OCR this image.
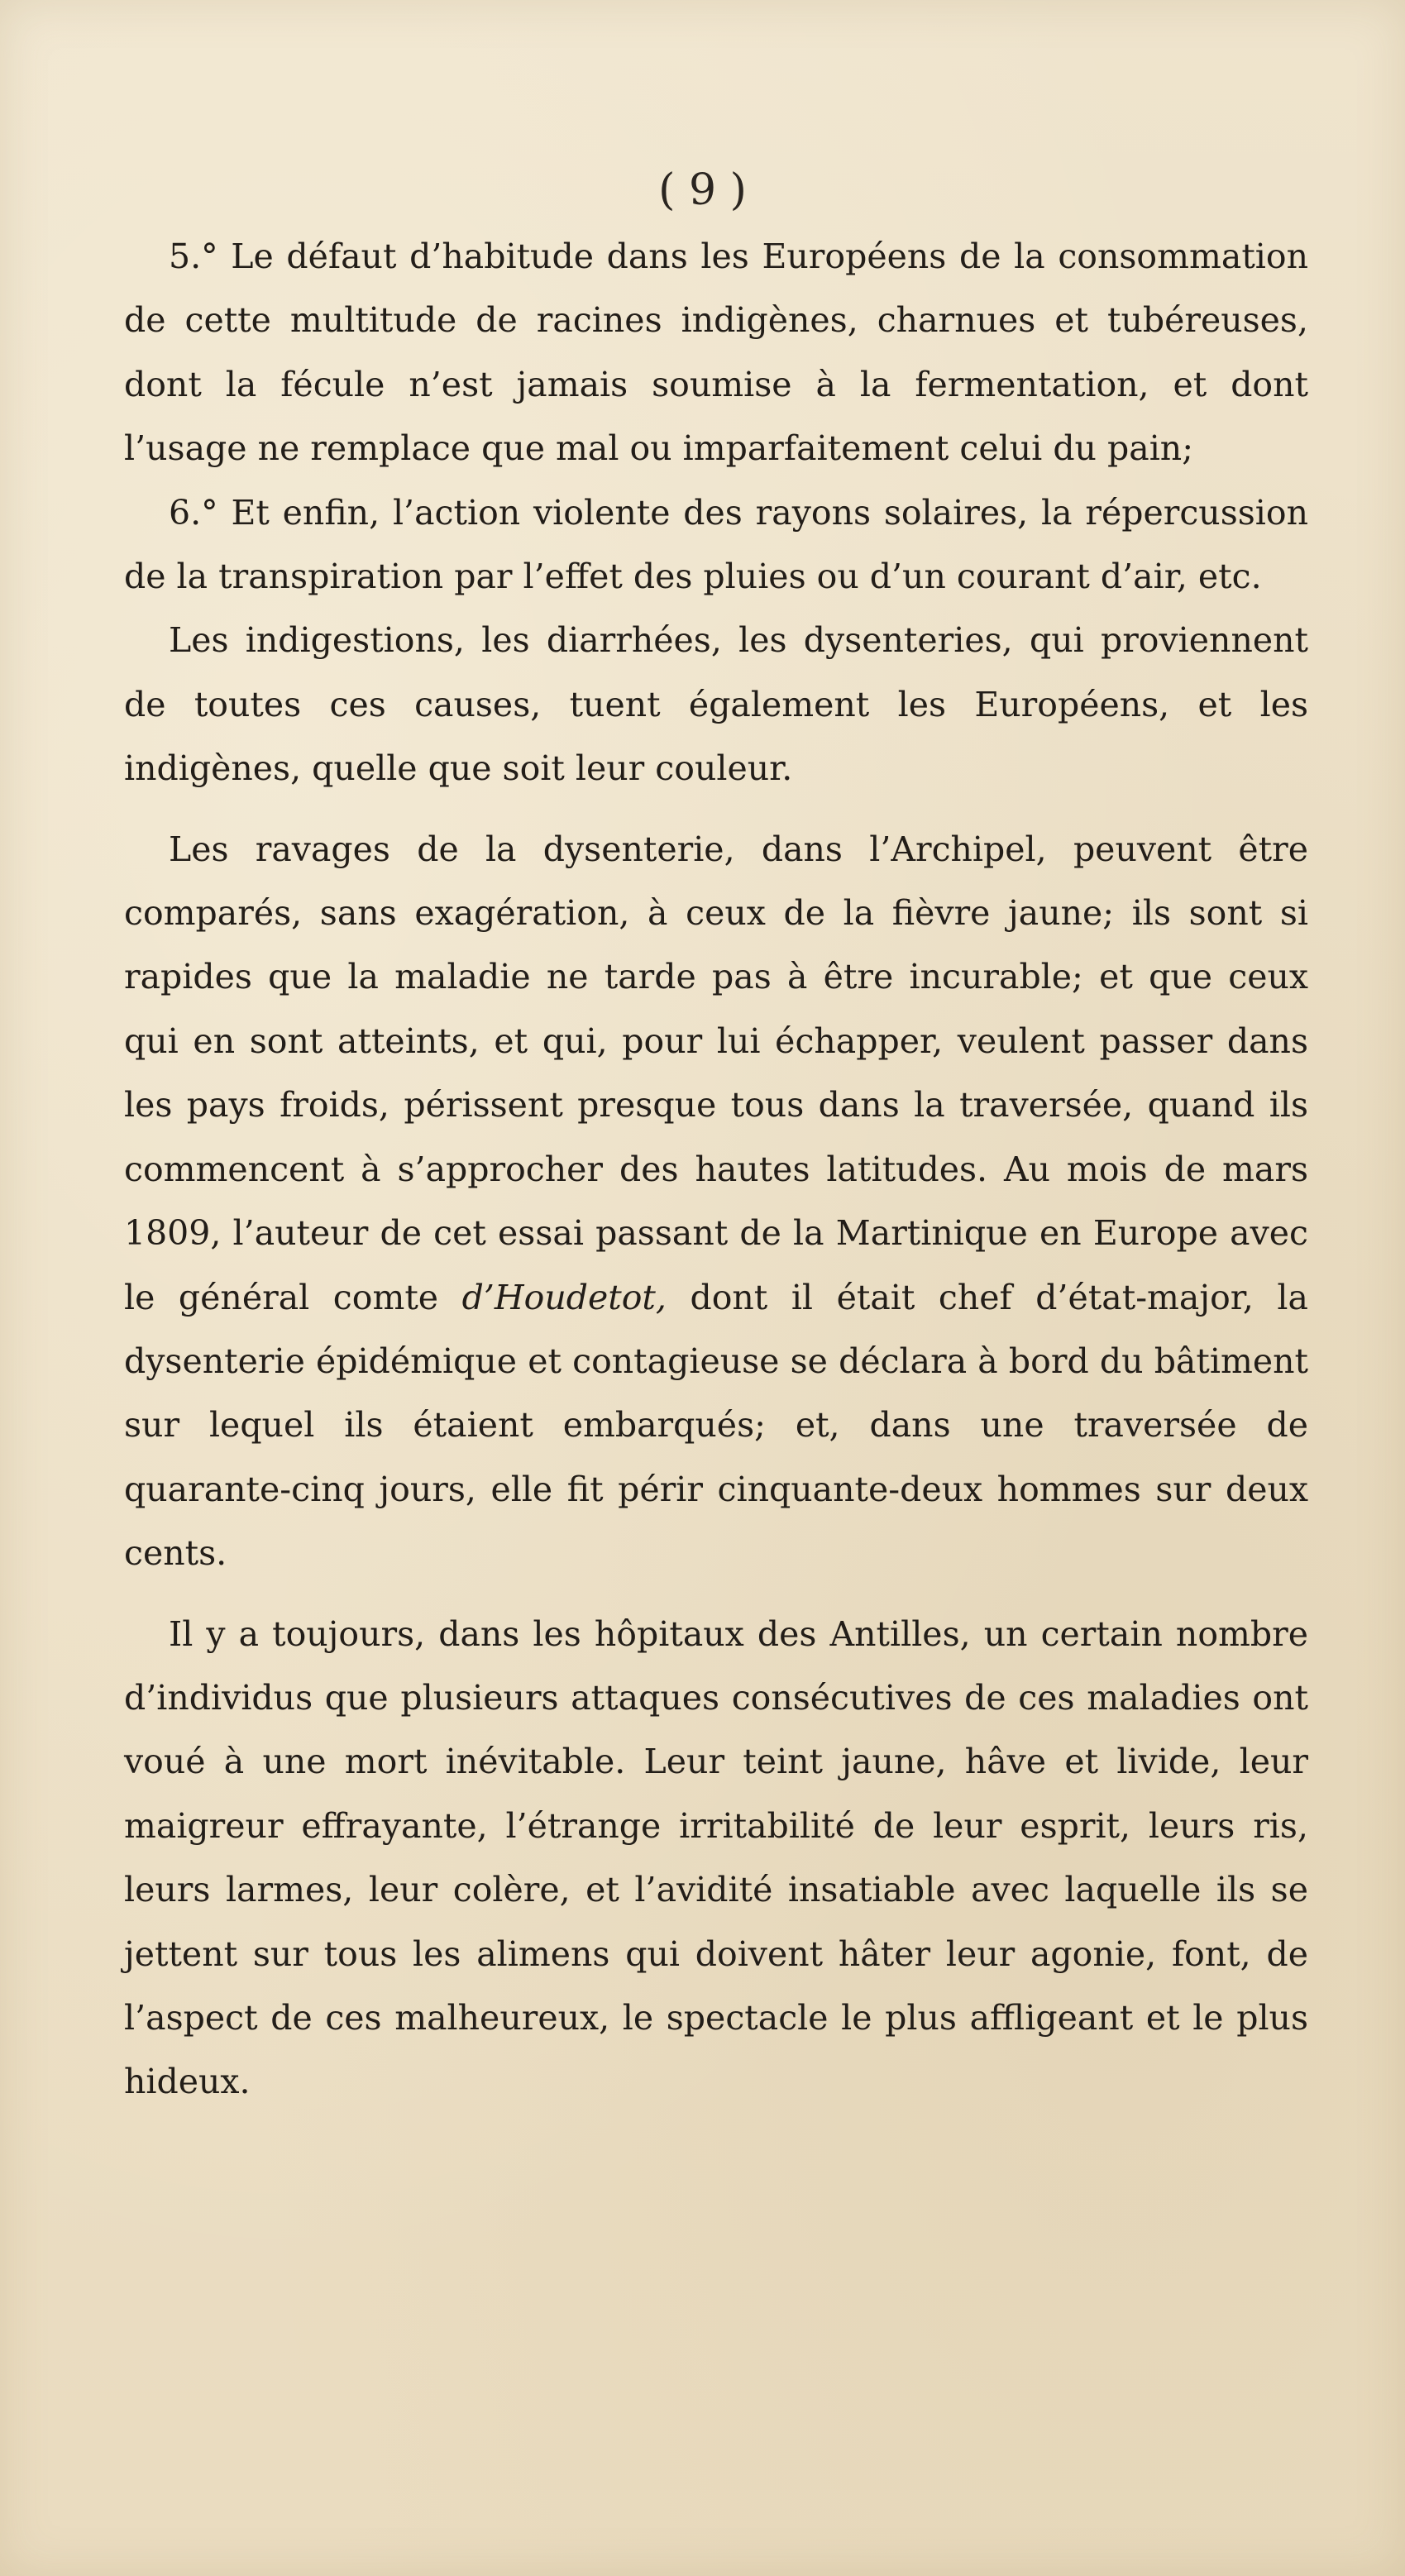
( 9 )

5.° Le défaut d’habitude dans les Européens de la consommation de cette multitude de racines indigènes, charnues et tubéreuses, dont la fécule n’est jamais soumise à la fermentation, et dont l’usage ne remplace que mal ou imparfaitement celui du pain;

6.° Et enfin, l’action violente des rayons solaires, la répercussion de la transpiration par l’effet des pluies ou d’un courant d’air, etc.

Les indigestions, les diarrhées, les dysenteries, qui proviennent de toutes ces causes, tuent également les Européens, et les indigènes, quelle que soit leur couleur.

Les ravages de la dysenterie, dans l’Archipel, peuvent être comparés, sans exagération, à ceux de la fièvre jaune; ils sont si rapides que la maladie ne tarde pas à être incurable; et que ceux qui en sont atteints, et qui, pour lui échapper, veulent passer dans les pays froids, périssent presque tous dans la traversée, quand ils commencent à s’approcher des hautes latitudes. Au mois de mars 1809, l’auteur de cet essai passant de la Martinique en Europe avec le général comte d’Houdetot, dont il était chef d’état-major, la dysenterie épidémique et contagieuse se déclara à bord du bâtiment sur lequel ils étaient embarqués; et, dans une traversée de quarante-cinq jours, elle fit périr cinquante-deux hommes sur deux cents.

Il y a toujours, dans les hôpitaux des Antilles, un certain nombre d’individus que plusieurs attaques consécutives de ces maladies ont voué à une mort inévitable. Leur teint jaune, hâve et livide, leur maigreur effrayante, l’étrange irritabilité de leur esprit, leurs ris, leurs larmes, leur colère, et l’avidité insatiable avec laquelle ils se jettent sur tous les alimens qui doivent hâter leur agonie, font, de l’aspect de ces malheureux, le spectacle le plus affligeant et le plus hideux.
